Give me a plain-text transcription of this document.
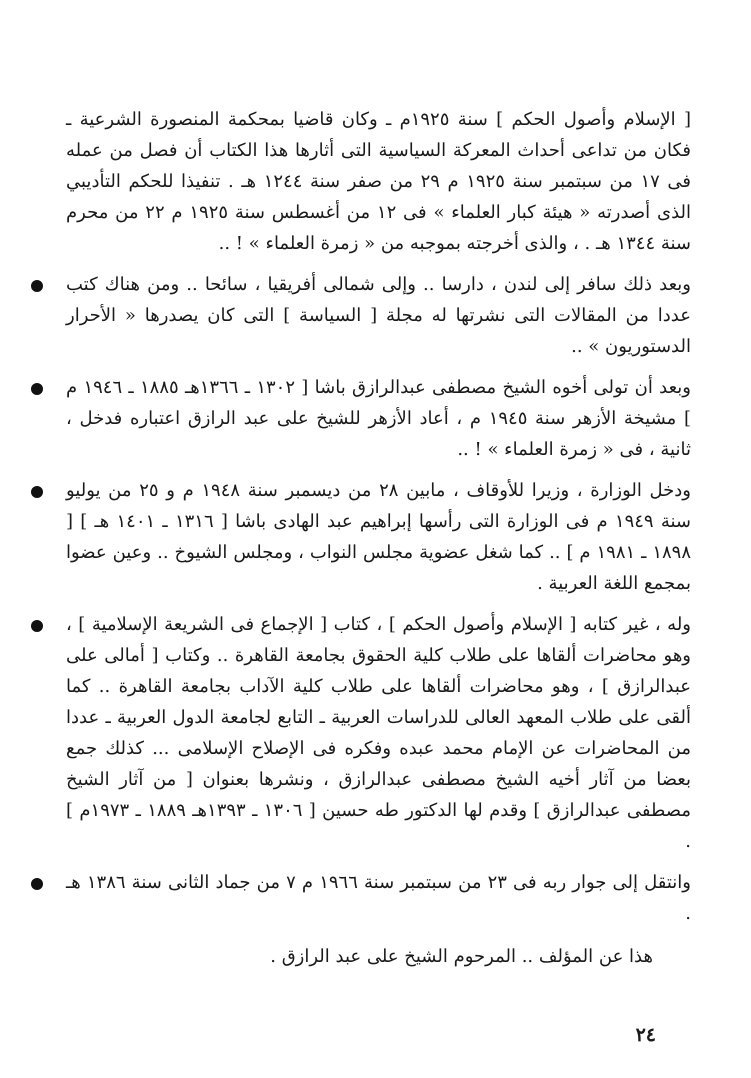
[ الإسلام وأصول الحكم ] سنة ١٩٢٥م ـ وكان قاضيا بمحكمة المنصورة الشرعية ـ فكان من تداعى أحداث المعركة السياسية التى أثارها هذا الكتاب أن فصل من عمله فى ١٧ من سبتمبر سنة ١٩٢٥ م ٢٩ من صفر سنة ١٢٤٤ هـ . تنفيذا للحكم التأديبي الذى أصدرته « هيئة كبار العلماء » فى ١٢ من أغسطس سنة ١٩٢٥ م ٢٢ من محرم سنة ١٣٤٤ هـ . ، والذى أخرجته بموجبه من « زمرة العلماء » ! ..

وبعد ذلك سافر إلى لندن ، دارسا .. وإلى شمالى أفريقيا ، سائحا .. ومن هناك كتب عددا من المقالات التى نشرتها له مجلة [ السياسة ] التى كان يصدرها « الأحرار الدستوريون » ..
وبعد أن تولى أخوه الشيخ مصطفى عبدالرازق باشا [ ١٣٠٢ ـ ١٣٦٦هـ ١٨٨٥ ـ ١٩٤٦ م ] مشيخة الأزهر سنة ١٩٤٥ م ، أعاد الأزهر للشيخ على عبد الرازق اعتباره فدخل ، ثانية ، فى « زمرة العلماء » ! ..
ودخل الوزارة ، وزيرا للأوقاف ، مابين ٢٨ من ديسمبر سنة ١٩٤٨ م و ٢٥ من يوليو سنة ١٩٤٩ م فى الوزارة التى رأسها إبراهيم عبد الهادى باشا [ ١٣١٦ ـ ١٤٠١ هـ ] [ ١٨٩٨ ـ ١٩٨١ م ] .. كما شغل عضوية مجلس النواب ، ومجلس الشيوخ .. وعين عضوا بمجمع اللغة العربية .
وله ، غير كتابه [ الإسلام وأصول الحكم ] ، كتاب [ الإجماع فى الشريعة الإسلامية ] ، وهو محاضرات ألقاها على طلاب كلية الحقوق بجامعة القاهرة .. وكتاب [ أمالى على عبدالرازق ] ، وهو محاضرات ألقاها على طلاب كلية الآداب بجامعة القاهرة .. كما ألقى على طلاب المعهد العالى للدراسات العربية ـ التابع لجامعة الدول العربية ـ عددا من المحاضرات عن الإمام محمد عبده وفكره فى الإصلاح الإسلامى ... كذلك جمع بعضا من آثار أخيه الشيخ مصطفى عبدالرازق ، ونشرها بعنوان [ من آثار الشيخ مصطفى عبدالرازق ] وقدم لها الدكتور طه حسين [ ١٣٠٦ ـ ١٣٩٣هـ ١٨٨٩ ـ ١٩٧٣م ] .
وانتقل إلى جوار ربه فى ٢٣ من سبتمبر سنة ١٩٦٦ م ٧ من جماد الثانى سنة ١٣٨٦ هـ .

هذا عن المؤلف .. المرحوم الشيخ على عبد الرازق .

٢٤
